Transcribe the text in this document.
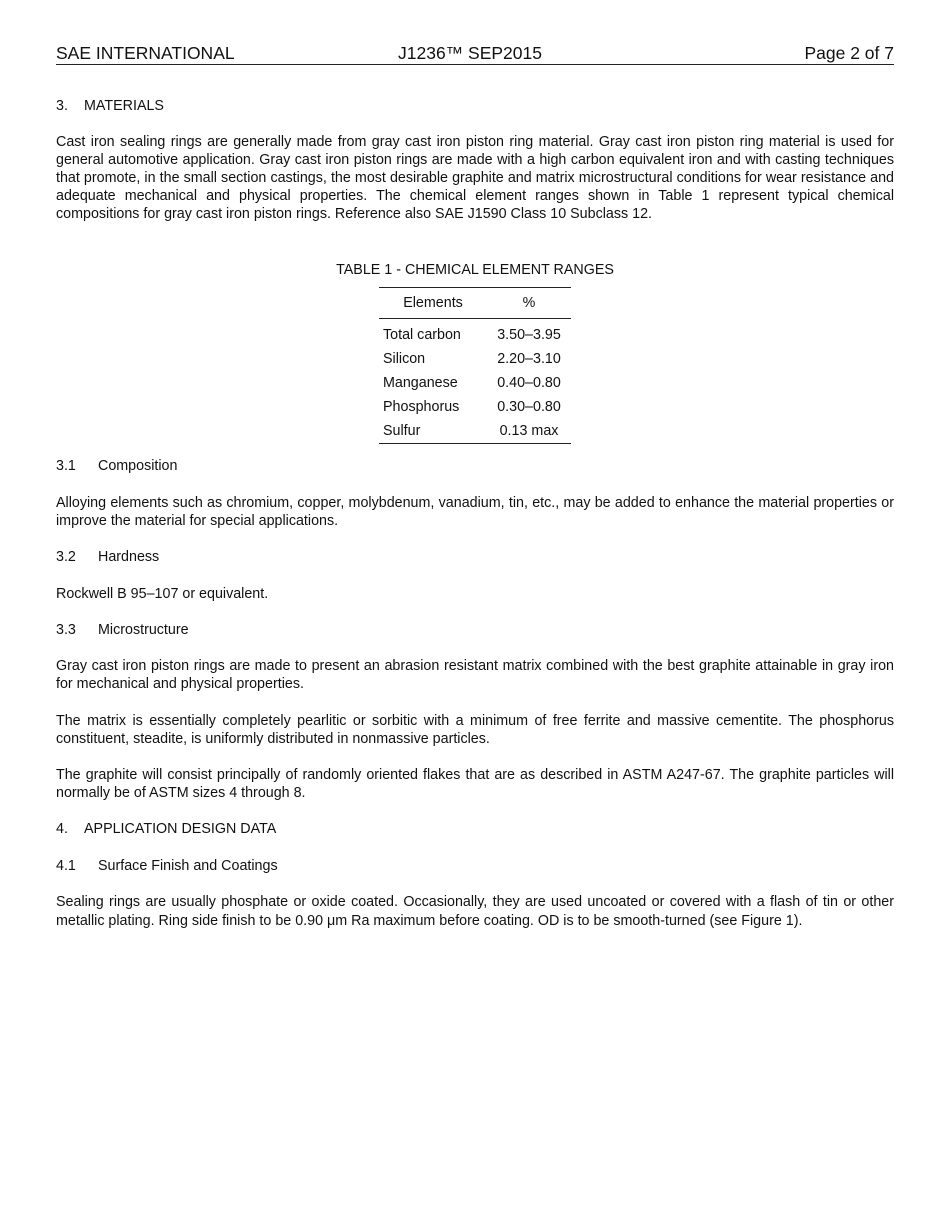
SAE INTERNATIONAL	J1236™ SEP2015	Page 2 of 7
3. MATERIALS
Cast iron sealing rings are generally made from gray cast iron piston ring material. Gray cast iron piston ring material is used for general automotive application. Gray cast iron piston rings are made with a high carbon equivalent iron and with casting techniques that promote, in the small section castings, the most desirable graphite and matrix microstructural conditions for wear resistance and adequate mechanical and physical properties. The chemical element ranges shown in Table 1 represent typical chemical compositions for gray cast iron piston rings. Reference also SAE J1590 Class 10 Subclass 12.
TABLE 1 - CHEMICAL ELEMENT RANGES
Elements	%
Total carbon	3.50–3.95
Silicon	2.20–3.10
Manganese	0.40–0.80
Phosphorus	0.30–0.80
Sulfur	0.13 max
3.1 Composition
Alloying elements such as chromium, copper, molybdenum, vanadium, tin, etc., may be added to enhance the material properties or improve the material for special applications.
3.2 Hardness
Rockwell B 95–107 or equivalent.
3.3 Microstructure
Gray cast iron piston rings are made to present an abrasion resistant matrix combined with the best graphite attainable in gray iron for mechanical and physical properties.
The matrix is essentially completely pearlitic or sorbitic with a minimum of free ferrite and massive cementite. The phosphorus constituent, steadite, is uniformly distributed in nonmassive particles.
The graphite will consist principally of randomly oriented flakes that are as described in ASTM A247-67. The graphite particles will normally be of ASTM sizes 4 through 8.
4. APPLICATION DESIGN DATA
4.1 Surface Finish and Coatings
Sealing rings are usually phosphate or oxide coated. Occasionally, they are used uncoated or covered with a flash of tin or other metallic plating. Ring side finish to be 0.90 μm Ra maximum before coating. OD is to be smooth-turned (see Figure 1).
